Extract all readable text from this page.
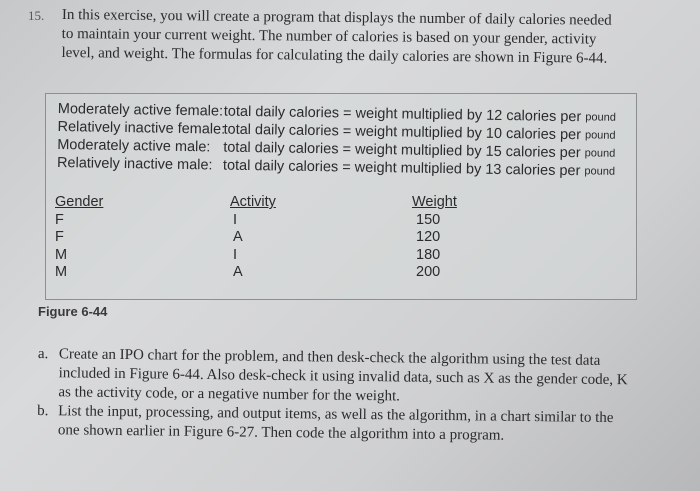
15. In this exercise, you will create a program that displays the number of daily calories needed to maintain your current weight. The number of calories is based on your gender, activity level, and weight. The formulas for calculating the daily calories are shown in Figure 6-44.

Moderately active female: total daily calories = weight multiplied by 12 calories per
pound
Relatively inactive female:
total daily calories = weight multiplied by 10 calories per
pound
Moderately active male: total daily calories = weight multiplied by 15 calories per
pound
Relatively inactive male: total daily calories = weight multiplied by 13 calories per
pound
Gender
F
F
M
M
Activity
I
A
I
A
Weight
150
120
180
200
Figure 6-44
a. Create an IPO chart for the problem, and then desk-check the algorithm using the test data included in Figure 6-44. Also desk-check it using invalid data, such as X as the gender code, K as the activity code, or a negative number for the weight.
b. List the input, processing, and output items, as well as the algorithm, in a chart similar to the one shown earlier in Figure 6-27. Then code the algorithm into a program.
